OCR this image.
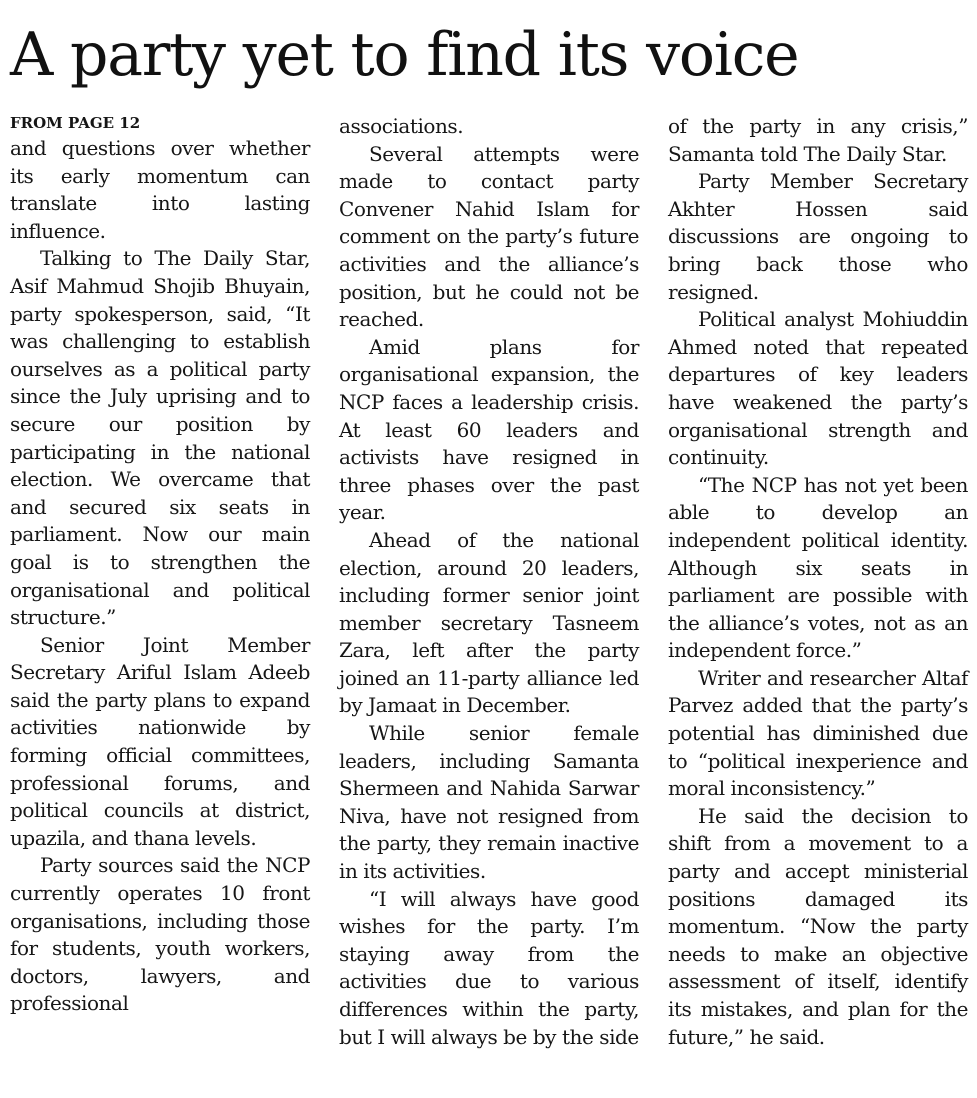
A party yet to find its voice
FROM PAGE 12

and questions over whether its early momentum can translate into lasting influence.

Talking to The Daily Star, Asif Mahmud Shojib Bhuyain, party spokesperson, said, “It was challenging to establish ourselves as a political party since the July uprising and to secure our position by participating in the national election. We overcame that and secured six seats in parliament. Now our main goal is to strengthen the organisational and political structure.”

Senior Joint Member Secretary Ariful Islam Adeeb said the party plans to expand activities nationwide by forming official committees, professional forums, and political councils at district, upazila, and thana levels.

Party sources said the NCP currently operates 10 front organisations, including those for students, youth workers, doctors, lawyers, and professional

associations.

Several attempts were made to contact party Convener Nahid Islam for comment on the party’s future activities and the alliance’s position, but he could not be reached.

Amid plans for organisational expansion, the NCP faces a leadership crisis. At least 60 leaders and activists have resigned in three phases over the past year.

Ahead of the national election, around 20 leaders, including former senior joint member secretary Tasneem Zara, left after the party joined an 11-party alliance led by Jamaat in December.

While senior female leaders, including Samanta Shermeen and Nahida Sarwar Niva, have not resigned from the party, they remain inactive in its activities.

“I will always have good wishes for the party. I’m staying away from the activities due to various differences within the party, but I will always be by the side

of the party in any crisis,” Samanta told The Daily Star.

Party Member Secretary Akhter Hossen said discussions are ongoing to bring back those who resigned.

Political analyst Mohiuddin Ahmed noted that repeated departures of key leaders have weakened the party’s organisational strength and continuity.

“The NCP has not yet been able to develop an independent political identity. Although six seats in parliament are possible with the alliance’s votes, not as an independent force.”

Writer and researcher Altaf Parvez added that the party’s potential has diminished due to “political inexperience and moral inconsistency.”

He said the decision to shift from a movement to a party and accept ministerial positions damaged its momentum. “Now the party needs to make an objective assessment of itself, identify its mistakes, and plan for the future,” he said.
